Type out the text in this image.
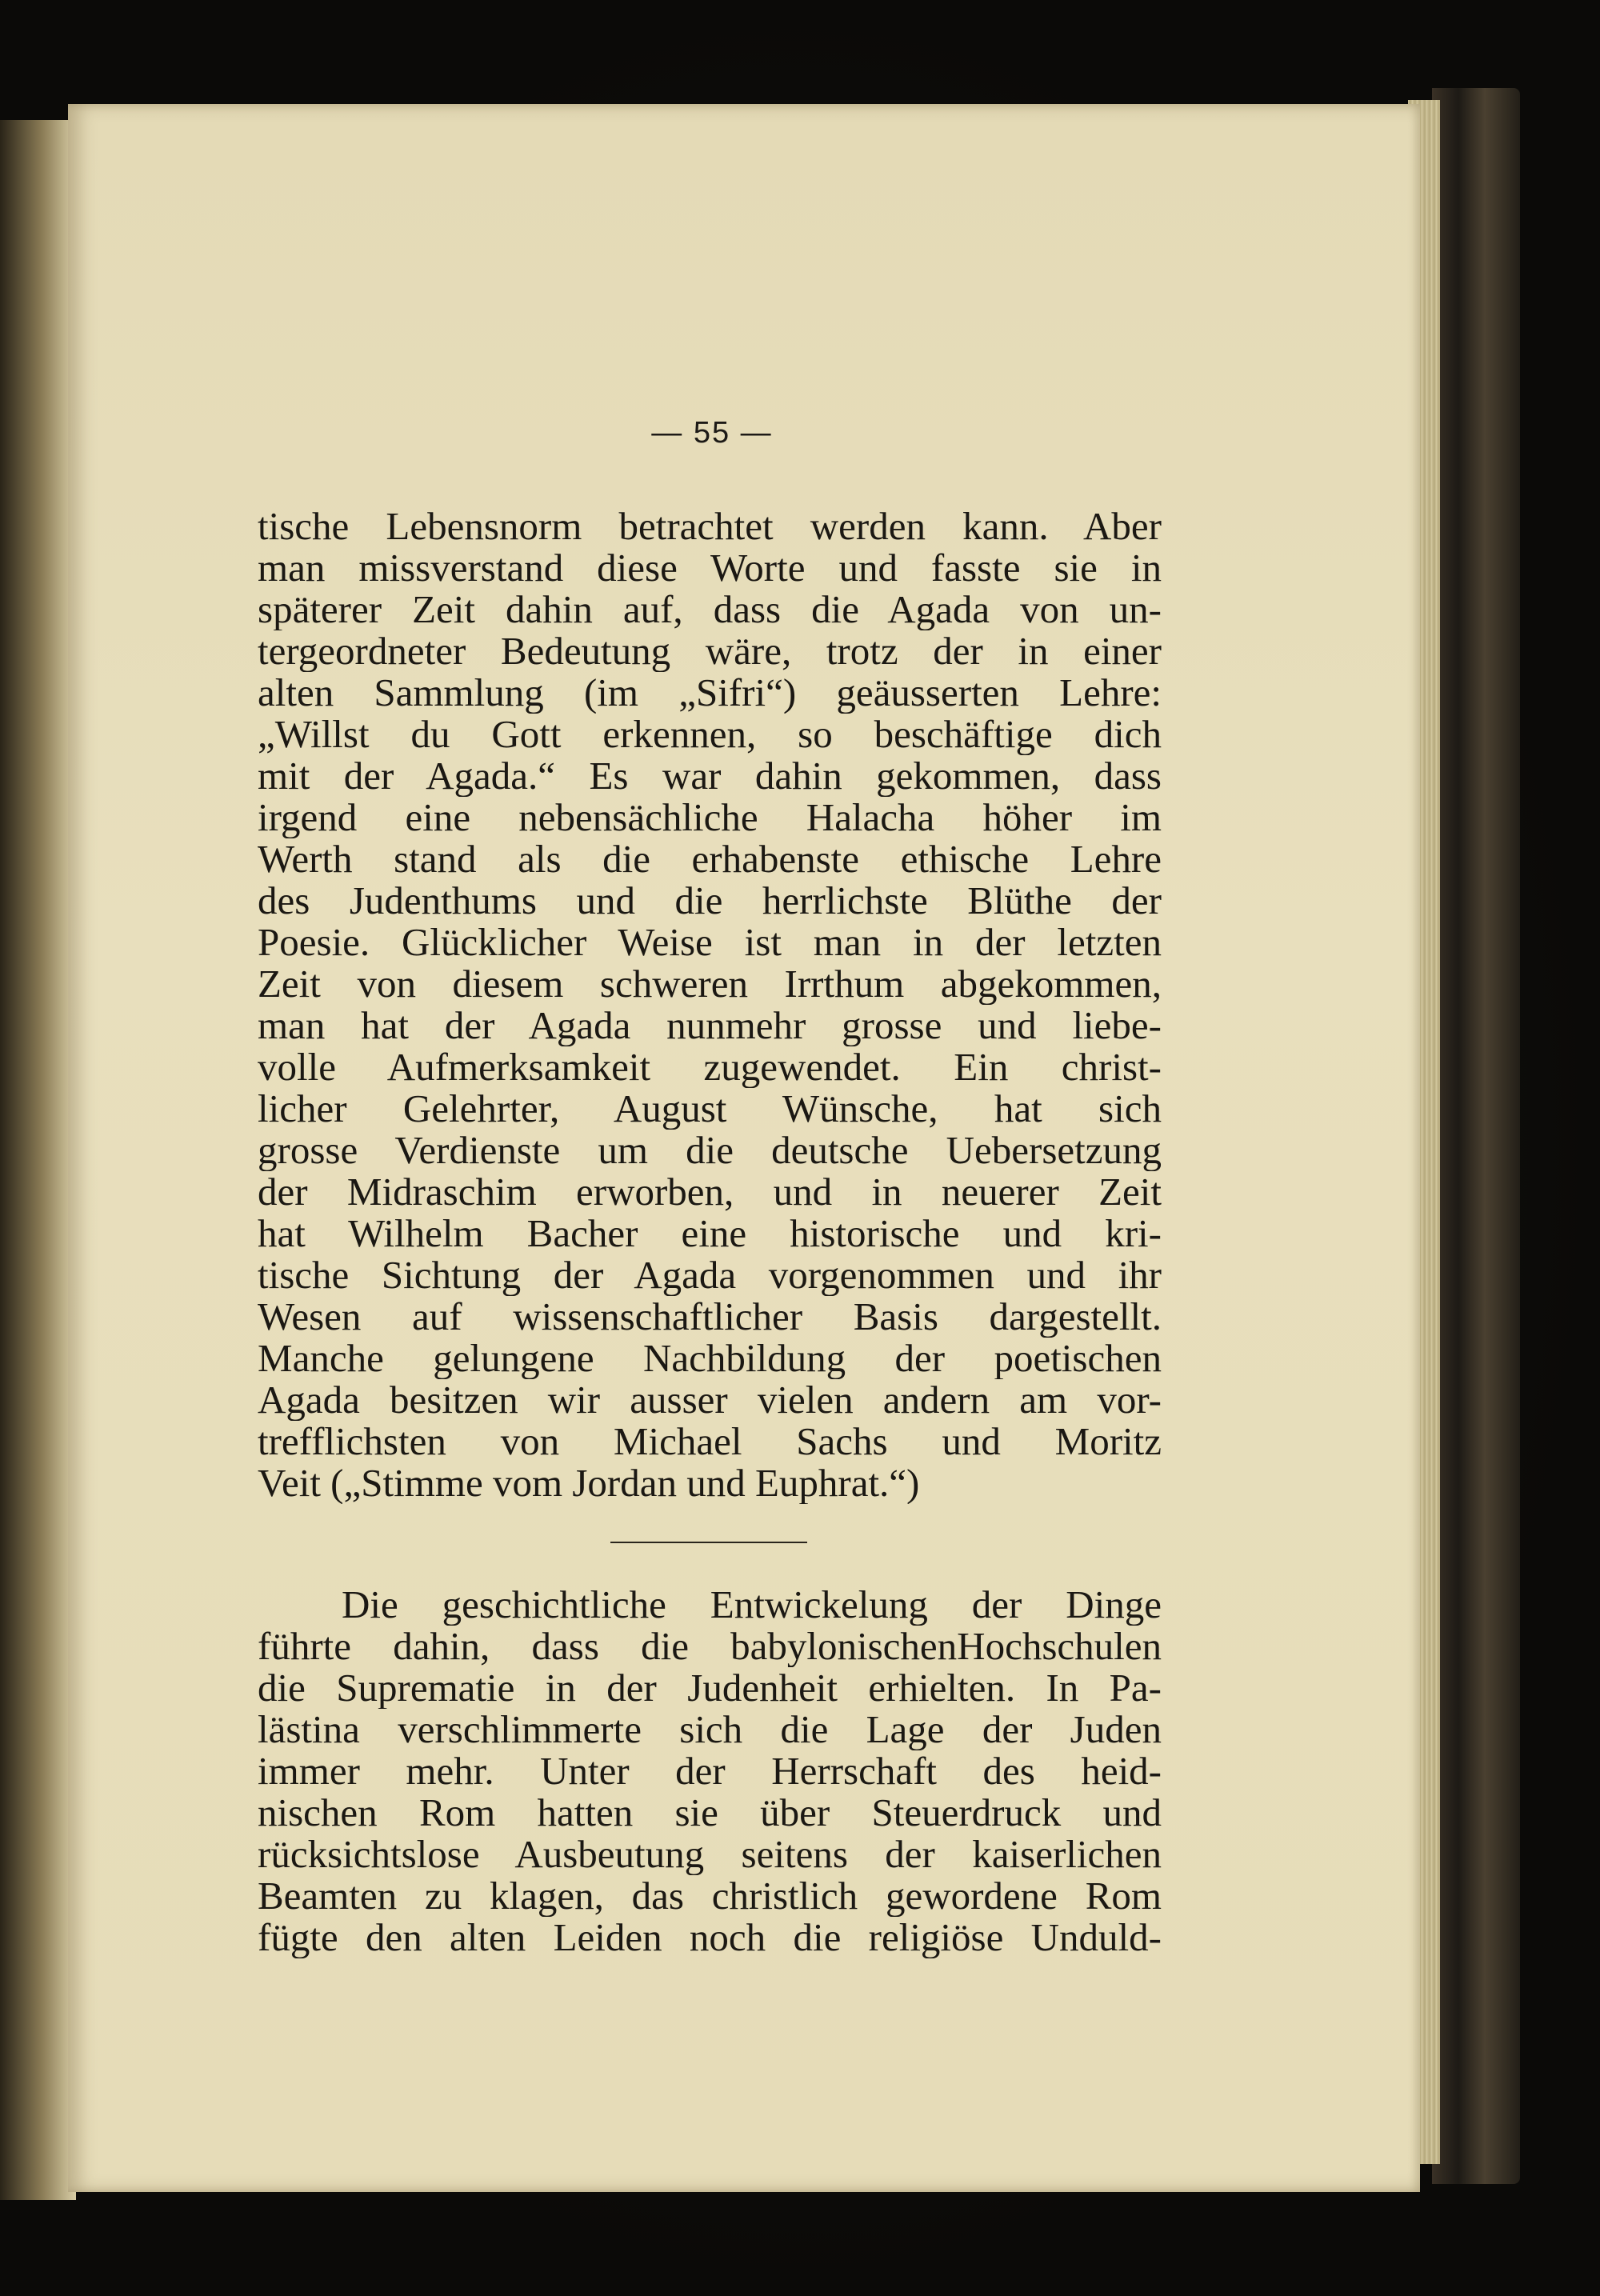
— 55 —
tische Lebensnorm betrachtet werden kann. Aber
man missverstand diese Worte und fasste sie in
späterer Zeit dahin auf, dass die Agada von un-
tergeordneter Bedeutung wäre, trotz der in einer
alten Sammlung (im „Sifri“) geäusserten Lehre:
„Willst du Gott erkennen, so beschäftige dich
mit der Agada.“ Es war dahin gekommen, dass
irgend eine nebensächliche Halacha höher im
Werth stand als die erhabenste ethische Lehre
des Judenthums und die herrlichste Blüthe der
Poesie. Glücklicher Weise ist man in der letzten
Zeit von diesem schweren Irrthum abgekommen,
man hat der Agada nunmehr grosse und liebe-
volle Aufmerksamkeit zugewendet. Ein christ-
licher Gelehrter, August Wünsche, hat sich
grosse Verdienste um die deutsche Uebersetzung
der Midraschim erworben, und in neuerer Zeit
hat Wilhelm Bacher eine historische und kri-
tische Sichtung der Agada vorgenommen und ihr
Wesen auf wissenschaftlicher Basis dargestellt.
Manche gelungene Nachbildung der poetischen
Agada besitzen wir ausser vielen andern am vor-
trefflichsten von Michael Sachs und Moritz
Veit („Stimme vom Jordan und Euphrat.“)
Die geschichtliche Entwickelung der Dinge
führte dahin, dass die babylonischenHochschulen
die Suprematie in der Judenheit erhielten. In Pa-
lästina verschlimmerte sich die Lage der Juden
immer mehr. Unter der Herrschaft des heid-
nischen Rom hatten sie über Steuerdruck und
rücksichtslose Ausbeutung seitens der kaiserlichen
Beamten zu klagen, das christlich gewordene Rom
fügte den alten Leiden noch die religiöse Unduld-
